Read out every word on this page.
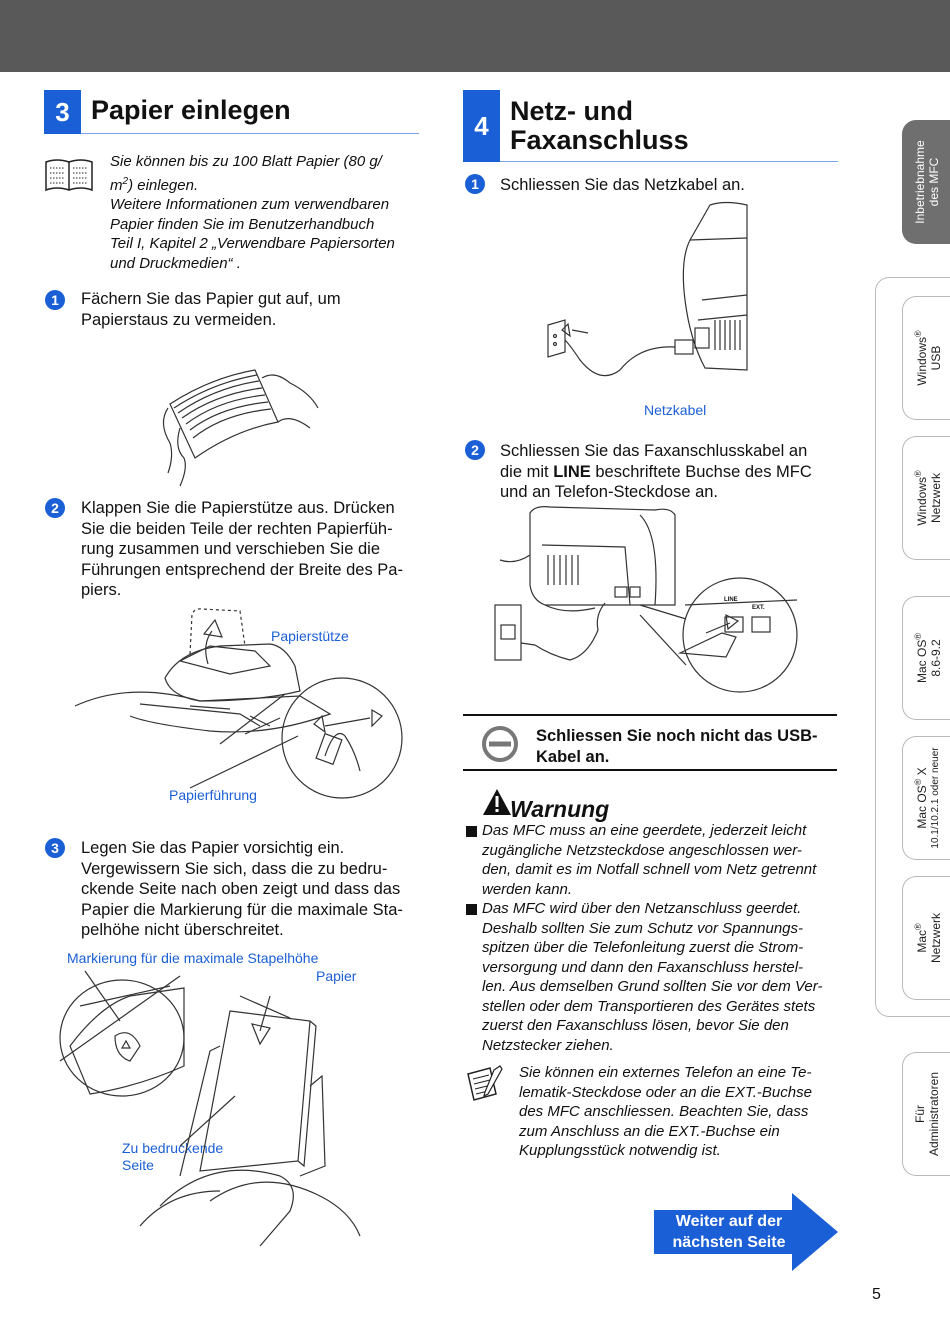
3 Papier einlegen
Sie können bis zu 100 Blatt Papier (80 g/
$m^2$) einlegen.
Weitere Informationen zum verwendbaren
Papier finden Sie im Benutzerhandbuch
Teil I, Kapitel 2 „Verwendbare Papiersorten
und Druckmedien“ .
1	Fächern Sie das Papier gut auf, um
Papierstaus zu vermeiden.
2	Klappen Sie die Papierstütze aus. Drücken
Sie die beiden Teile der rechten Papierfüh-
rung zusammen und verschieben Sie die
Führungen entsprechend der Breite des Pa-
piers.
Papierstütze
Papierführung
3	Legen Sie das Papier vorsichtig ein.
Vergewissern Sie sich, dass die zu bedru-
ckende Seite nach oben zeigt und dass das
Papier die Markierung für die maximale Sta-
pelhöhe nicht überschreitet.
Markierung für die maximale Stapelhöhe
Papier
Zu bedruckende
Seite
4 Netz- und
Faxanschluss
1	Schliessen Sie das Netzkabel an.
Netzkabel
2	Schliessen Sie das Faxanschlusskabel an
die mit LINE beschriftete Buchse des MFC
und an Telefon-Steckdose an.
LINE
EXT.
Schliessen Sie noch nicht das USB-
Kabel an.
Warnung
Das MFC muss an eine geerdete, jederzeit leicht
zugängliche Netzsteckdose angeschlossen wer-
den, damit es im Notfall schnell vom Netz getrennt
werden kann.
Das MFC wird über den Netzanschluss geerdet.
Deshalb sollten Sie zum Schutz vor Spannungs-
spitzen über die Telefonleitung zuerst die Strom-
versorgung und dann den Faxanschluss herstel-
len. Aus demselben Grund sollten Sie vor dem Ver-
stellen oder dem Transportieren des Gerätes stets
zuerst den Faxanschluss lösen, bevor Sie den
Netzstecker ziehen.
Sie können ein externes Telefon an eine Te-
lematik-Steckdose oder an die EXT.-Buchse
des MFC anschliessen. Beachten Sie, dass
zum Anschluss an die EXT.-Buchse ein
Kupplungsstück notwendig ist.
Weiter auf der
nächsten Seite
5
Inbetriebnahme des MFC
Windows®
USB
Windows® Netzwerk
Mac OS®
8.6-9.2
Mac OS® X 10.1/10.2.1 oder neuer
Mac® Netzwerk
Für Administratoren
